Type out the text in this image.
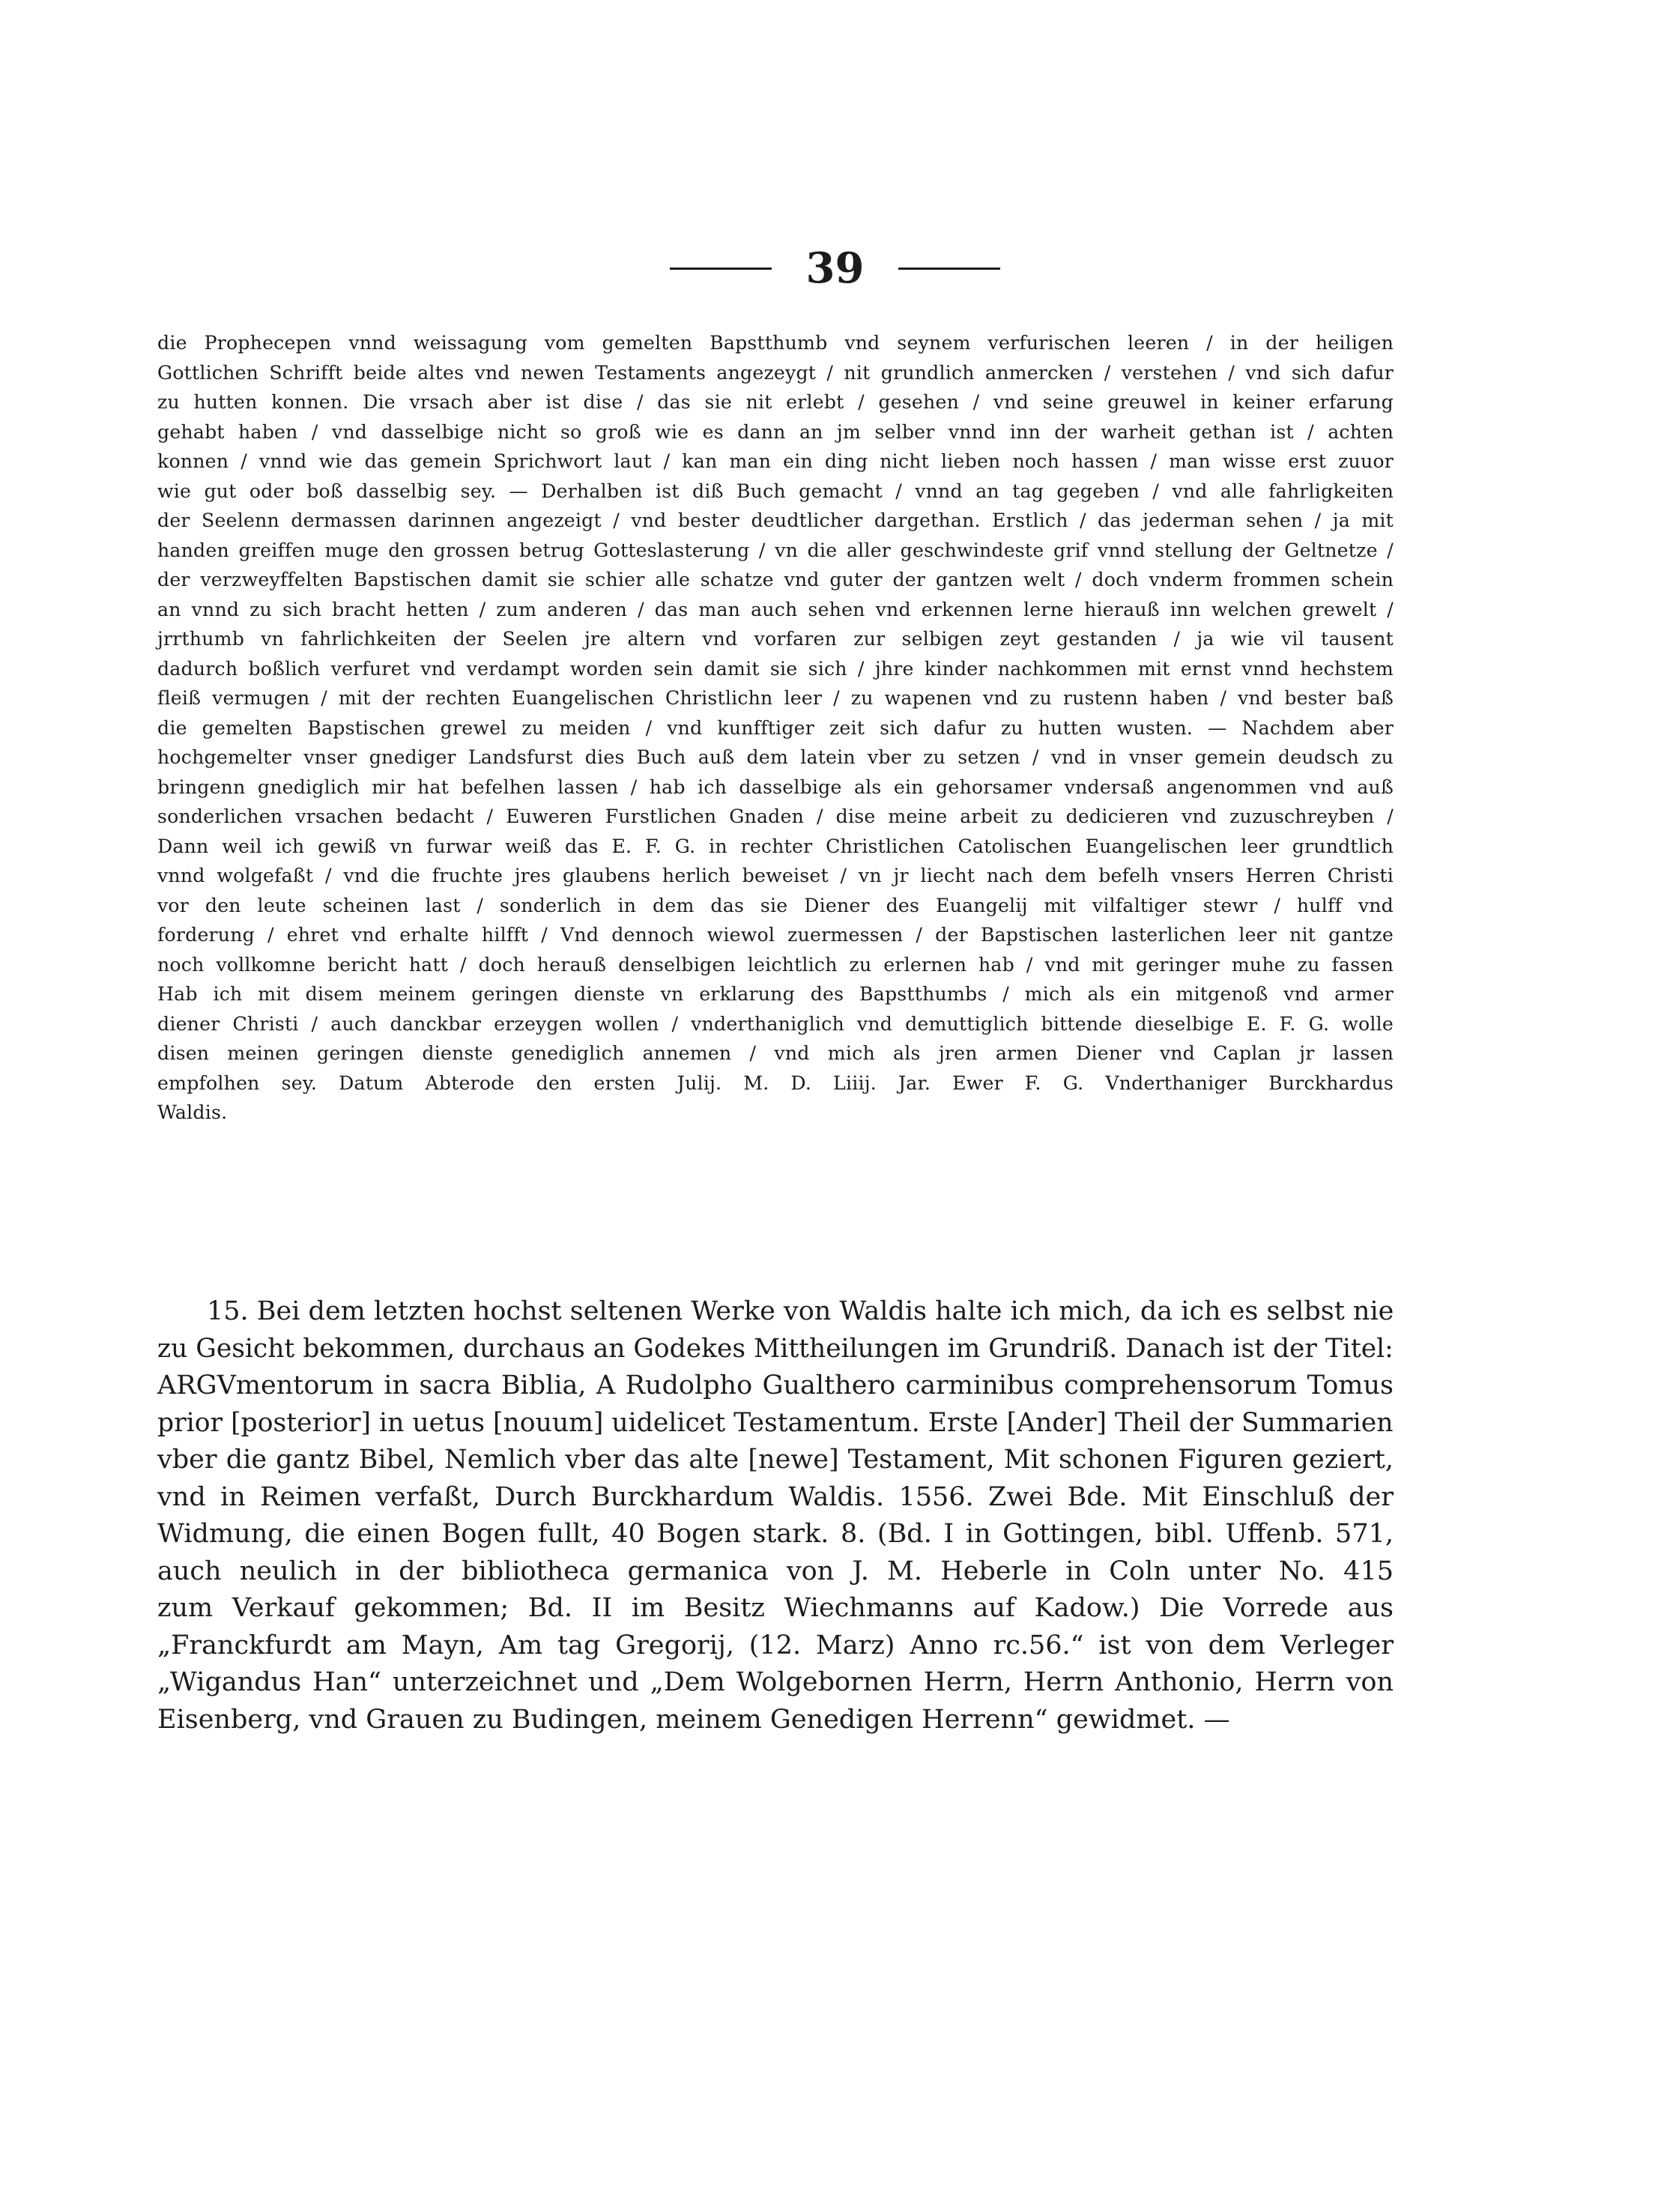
39
die Prophecepen vnnd weissagung vom gemelten Bapstthumb vnd seynem verfurischen leeren / in der heiligen
Gottlichen Schrifft beide altes vnd newen Testaments angezeygt / nit grundlich anmercken / verstehen / vnd sich dafur
zu hutten konnen. Die vrsach aber ist dise / das sie nit erlebt / gesehen / vnd seine greuwel in keiner erfarung
gehabt haben / vnd dasselbige nicht so groß wie es dann an jm selber vnnd inn der warheit gethan ist / achten
konnen / vnnd wie das gemein Sprichwort laut / kan man ein ding nicht lieben noch hassen / man wisse erst zuuor
wie gut oder boß dasselbig sey. — Derhalben ist diß Buch gemacht / vnnd an tag gegeben / vnd alle fahrligkeiten
der Seelenn dermassen darinnen angezeigt / vnd bester deudtlicher dargethan. Erstlich / das jederman sehen / ja mit
handen greiffen muge den grossen betrug Gotteslasterung / vn die aller geschwindeste grif vnnd stellung der Geltnetze /
der verzweyffelten Bapstischen damit sie schier alle schatze vnd guter der gantzen welt / doch vnderm frommen schein
an vnnd zu sich bracht hetten / zum anderen / das man auch sehen vnd erkennen lerne hierauß inn welchen grewelt /
jrrthumb vn fahrlichkeiten der Seelen jre altern vnd vorfaren zur selbigen zeyt gestanden / ja wie vil tausent
dadurch boßlich verfuret vnd verdampt worden sein damit sie sich / jhre kinder nachkommen mit ernst vnnd hechstem
fleiß vermugen / mit der rechten Euangelischen Christlichn leer / zu wapenen vnd zu rustenn haben / vnd bester baß
die gemelten Bapstischen grewel zu meiden / vnd kunfftiger zeit sich dafur zu hutten wusten. — Nachdem aber
hochgemelter vnser gnediger Landsfurst dies Buch auß dem latein vber zu setzen / vnd in vnser gemein deudsch zu
bringenn gnediglich mir hat befelhen lassen / hab ich dasselbige als ein gehorsamer vndersaß angenommen vnd auß
sonderlichen vrsachen bedacht / Euweren Furstlichen Gnaden / dise meine arbeit zu dedicieren vnd zuzuschreyben /
Dann weil ich gewiß vn furwar weiß das E. F. G. in rechter Christlichen Catolischen Euangelischen leer grundtlich
vnnd wolgefaßt / vnd die fruchte jres glaubens herlich beweiset / vn jr liecht nach dem befelh vnsers Herren Christi
vor den leute scheinen last / sonderlich in dem das sie Diener des Euangelij mit vilfaltiger stewr / hulff vnd
forderung / ehret vnd erhalte hilfft / Vnd dennoch wiewol zuermessen / der Bapstischen lasterlichen leer nit gantze
noch vollkomne bericht hatt / doch herauß denselbigen leichtlich zu erlernen hab / vnd mit geringer muhe zu fassen
Hab ich mit disem meinem geringen dienste vn erklarung des Bapstthumbs / mich als ein mitgenoß vnd armer
diener Christi / auch danckbar erzeygen wollen / vnderthaniglich vnd demuttiglich bittende dieselbige E. F. G. wolle
disen meinen geringen dienste genediglich annemen / vnd mich als jren armen Diener vnd Caplan jr lassen
empfolhen sey. Datum Abterode den ersten Julij. M. D. Liiij. Jar. Ewer F. G. Vnderthaniger Burckhardus
Waldis.
15. Bei dem letzten hochst seltenen Werke von Waldis halte ich mich, da ich es selbst nie
zu Gesicht bekommen, durchaus an Godekes Mittheilungen im Grundriß. Danach ist der Titel:
ARGVmentorum in sacra Biblia, A Rudolpho Gualthero carminibus comprehensorum Tomus
prior [posterior] in uetus [nouum] uidelicet Testamentum. Erste [Ander] Theil der Summarien
vber die gantz Bibel, Nemlich vber das alte [newe] Testament, Mit schonen Figuren geziert,
vnd in Reimen verfaßt, Durch Burckhardum Waldis. 1556. Zwei Bde. Mit Einschluß der
Widmung, die einen Bogen fullt, 40 Bogen stark. 8. (Bd. I in Gottingen, bibl. Uffenb. 571,
auch neulich in der bibliotheca germanica von J. M. Heberle in Coln unter No. 415
zum Verkauf gekommen; Bd. II im Besitz Wiechmanns auf Kadow.) Die Vorrede aus
„Franckfurdt am Mayn, Am tag Gregorij, (12. Marz) Anno rc.56.“ ist von dem Verleger
„Wigandus Han“ unterzeichnet und „Dem Wolgebornen Herrn, Herrn Anthonio, Herrn von
Eisenberg, vnd Grauen zu Budingen, meinem Genedigen Herrenn“ gewidmet. —
